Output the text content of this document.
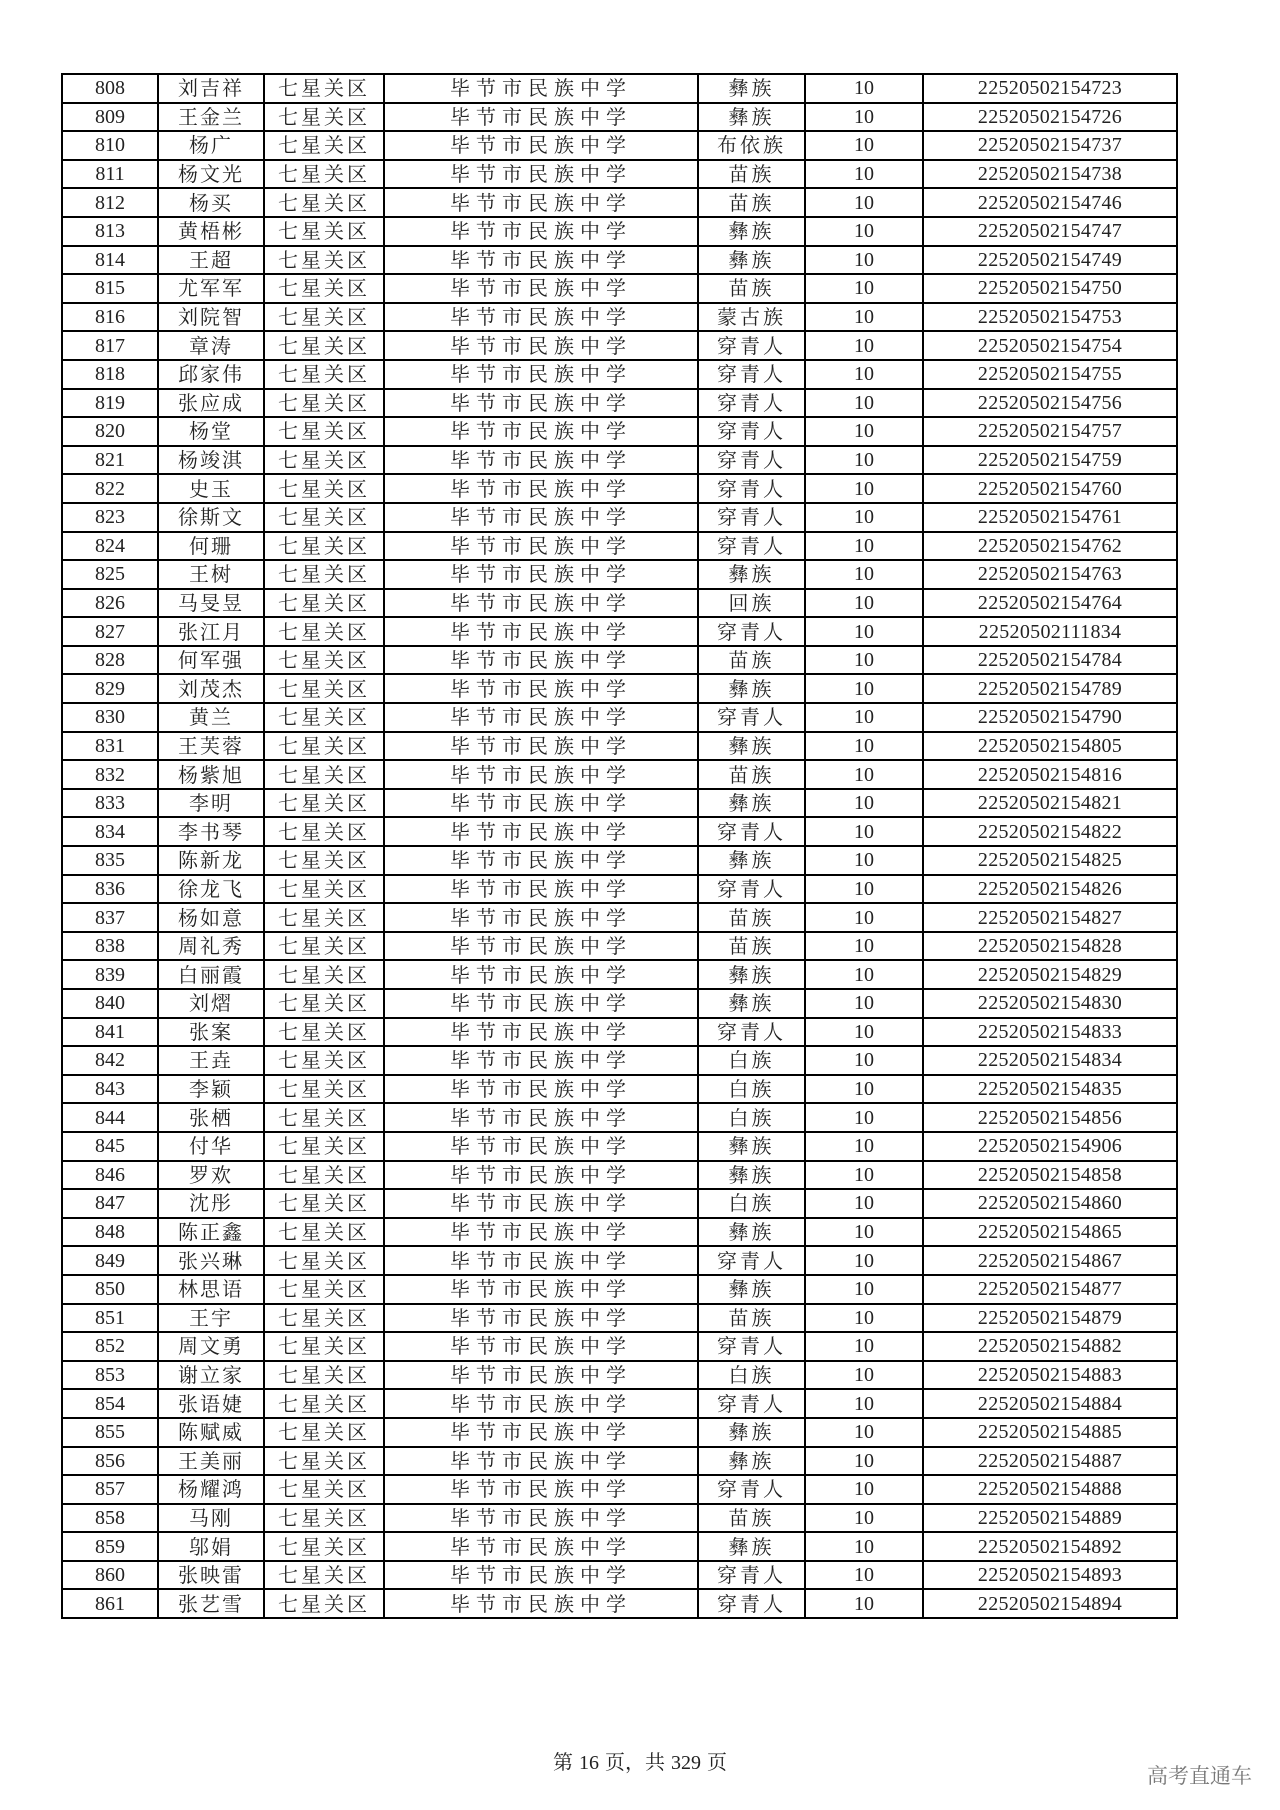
808	刘吉祥	七星关区	毕节市民族中学	彝族	10	22520502154723
809	王金兰	七星关区	毕节市民族中学	彝族	10	22520502154726
810	杨广	七星关区	毕节市民族中学	布依族	10	22520502154737
811	杨文光	七星关区	毕节市民族中学	苗族	10	22520502154738
812	杨买	七星关区	毕节市民族中学	苗族	10	22520502154746
813	黄梧彬	七星关区	毕节市民族中学	彝族	10	22520502154747
814	王超	七星关区	毕节市民族中学	彝族	10	22520502154749
815	尤军军	七星关区	毕节市民族中学	苗族	10	22520502154750
816	刘院智	七星关区	毕节市民族中学	蒙古族	10	22520502154753
817	章涛	七星关区	毕节市民族中学	穿青人	10	22520502154754
818	邱家伟	七星关区	毕节市民族中学	穿青人	10	22520502154755
819	张应成	七星关区	毕节市民族中学	穿青人	10	22520502154756
820	杨堂	七星关区	毕节市民族中学	穿青人	10	22520502154757
821	杨竣淇	七星关区	毕节市民族中学	穿青人	10	22520502154759
822	史玉	七星关区	毕节市民族中学	穿青人	10	22520502154760
823	徐斯文	七星关区	毕节市民族中学	穿青人	10	22520502154761
824	何珊	七星关区	毕节市民族中学	穿青人	10	22520502154762
825	王树	七星关区	毕节市民族中学	彝族	10	22520502154763
826	马旻昱	七星关区	毕节市民族中学	回族	10	22520502154764
827	张江月	七星关区	毕节市民族中学	穿青人	10	22520502111834
828	何军强	七星关区	毕节市民族中学	苗族	10	22520502154784
829	刘茂杰	七星关区	毕节市民族中学	彝族	10	22520502154789
830	黄兰	七星关区	毕节市民族中学	穿青人	10	22520502154790
831	王芙蓉	七星关区	毕节市民族中学	彝族	10	22520502154805
832	杨紫旭	七星关区	毕节市民族中学	苗族	10	22520502154816
833	李明	七星关区	毕节市民族中学	彝族	10	22520502154821
834	李书琴	七星关区	毕节市民族中学	穿青人	10	22520502154822
835	陈新龙	七星关区	毕节市民族中学	彝族	10	22520502154825
836	徐龙飞	七星关区	毕节市民族中学	穿青人	10	22520502154826
837	杨如意	七星关区	毕节市民族中学	苗族	10	22520502154827
838	周礼秀	七星关区	毕节市民族中学	苗族	10	22520502154828
839	白丽霞	七星关区	毕节市民族中学	彝族	10	22520502154829
840	刘熠	七星关区	毕节市民族中学	彝族	10	22520502154830
841	张案	七星关区	毕节市民族中学	穿青人	10	22520502154833
842	王垚	七星关区	毕节市民族中学	白族	10	22520502154834
843	李颖	七星关区	毕节市民族中学	白族	10	22520502154835
844	张栖	七星关区	毕节市民族中学	白族	10	22520502154856
845	付华	七星关区	毕节市民族中学	彝族	10	22520502154906
846	罗欢	七星关区	毕节市民族中学	彝族	10	22520502154858
847	沈彤	七星关区	毕节市民族中学	白族	10	22520502154860
848	陈正鑫	七星关区	毕节市民族中学	彝族	10	22520502154865
849	张兴琳	七星关区	毕节市民族中学	穿青人	10	22520502154867
850	林思语	七星关区	毕节市民族中学	彝族	10	22520502154877
851	王宇	七星关区	毕节市民族中学	苗族	10	22520502154879
852	周文勇	七星关区	毕节市民族中学	穿青人	10	22520502154882
853	谢立家	七星关区	毕节市民族中学	白族	10	22520502154883
854	张语婕	七星关区	毕节市民族中学	穿青人	10	22520502154884
855	陈赋威	七星关区	毕节市民族中学	彝族	10	22520502154885
856	王美丽	七星关区	毕节市民族中学	彝族	10	22520502154887
857	杨耀鸿	七星关区	毕节市民族中学	穿青人	10	22520502154888
858	马刚	七星关区	毕节市民族中学	苗族	10	22520502154889
859	邬娟	七星关区	毕节市民族中学	彝族	10	22520502154892
860	张映雷	七星关区	毕节市民族中学	穿青人	10	22520502154893
861	张艺雪	七星关区	毕节市民族中学	穿青人	10	22520502154894
第 16 页，共 329 页
高考直通车
